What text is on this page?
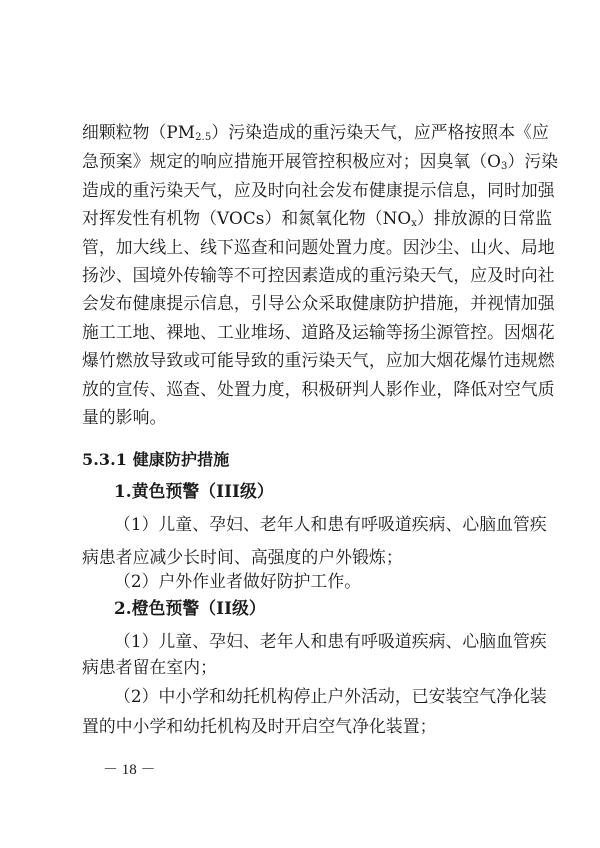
细颗粒物$(PM_{2.5})$污染造成的重污染天气，应严格按照本《应
急预案》规定的响应措施开展管控积极应对；因臭氧$(O_3)$污染
造成的重污染天气，应及时向社会发布健康提示信息，同时加强
对挥发性有机物（VOCs）和氮氧化物$(NO_x)$排放源的日常监
管，加大线上、线下巡查和问题处置力度。因沙尘、山火、局地
扬沙、国境外传输等不可控因素造成的重污染天气，应及时向社
会发布健康提示信息，引导公众采取健康防护措施，并视情加强
施工工地、裸地、工业堆场、道路及运输等扬尘源管控。因烟花
爆竹燃放导致或可能导致的重污染天气，应加大烟花爆竹违规燃
放的宣传、巡查、处置力度，积极研判人影作业，降低对空气质
量的影响。
5.3.1 健康防护措施
1.黄色预警（III级）
（1）儿童、孕妇、老年人和患有呼吸道疾病、心脑血管疾
病患者应减少长时间、高强度的户外锻炼；
（2）户外作业者做好防护工作。
2.橙色预警（II级）
（1）儿童、孕妇、老年人和患有呼吸道疾病、心脑血管疾
病患者留在室内；
（2）中小学和幼托机构停止户外活动，已安装空气净化装
置的中小学和幼托机构及时开启空气净化装置；
－ 18 －
